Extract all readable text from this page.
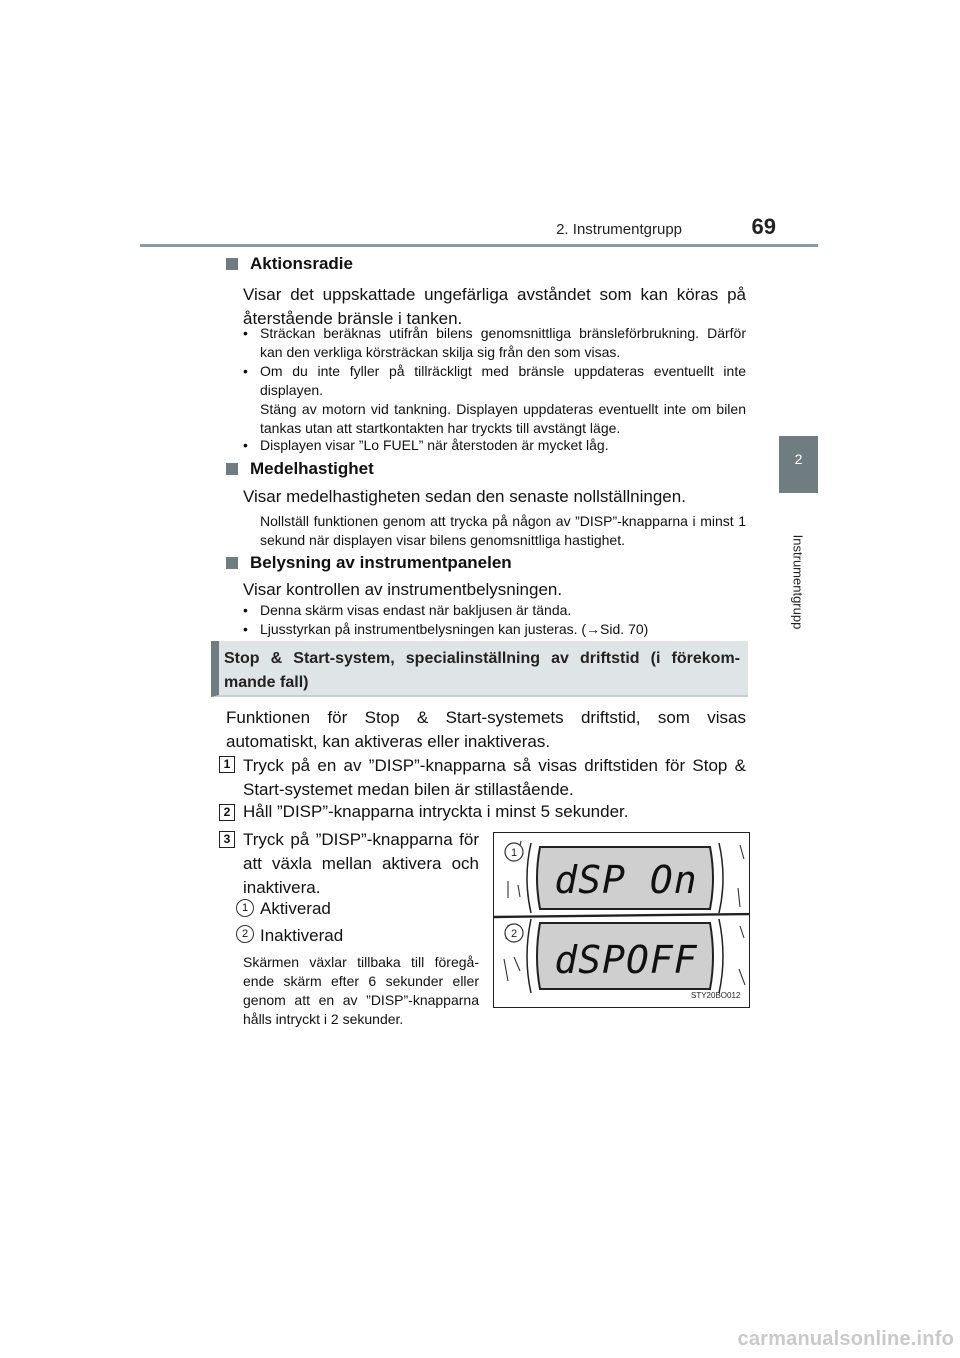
2. Instrumentgrupp	69
2
Instrumentgrupp
Aktionsradie
Visar det uppskattade ungefärliga avståndet som kan köras på återstående bränsle i tanken.
• Sträckan beräknas utifrån bilens genomsnittliga bränsleförbrukning. Därför kan den verkliga körsträckan skilja sig från den som visas.
• Om du inte fyller på tillräckligt med bränsle uppdateras eventuellt inte displayen.
Stäng av motorn vid tankning. Displayen uppdateras eventuellt inte om bilen tankas utan att startkontakten har tryckts till avstängt läge.
• Displayen visar ”Lo FUEL” när återstoden är mycket låg.
Medelhastighet
Visar medelhastigheten sedan den senaste nollställningen.
Nollställ funktionen genom att trycka på någon av ”DISP”-knapparna i minst 1 sekund när displayen visar bilens genomsnittliga hastighet.
Belysning av instrumentpanelen
Visar kontrollen av instrumentbelysningen.
• Denna skärm visas endast när bakljusen är tända.
• Ljusstyrkan på instrumentbelysningen kan justeras. (→Sid. 70)
Stop & Start-system, specialinställning av driftstid (i förekom-mande fall)
Funktionen för Stop & Start-systemets driftstid, som visas automatiskt, kan aktiveras eller inaktiveras.
1 Tryck på en av ”DISP”-knapparna så visas driftstiden för Stop & Start-systemet medan bilen är stillastående.
2 Håll ”DISP”-knapparna intryckta i minst 5 sekunder.
3 Tryck på ”DISP”-knapparna för att växla mellan aktivera och inaktivera.
1 Aktiverad
2 Inaktiverad
Skärmen växlar tillbaka till föregå-ende skärm efter 6 sekunder eller genom att en av ”DISP”-knapparna hålls intryckt i 2 sekunder.
dSP On
dSPOFF
1
2
STY20BO012
carmanualsonline.info
